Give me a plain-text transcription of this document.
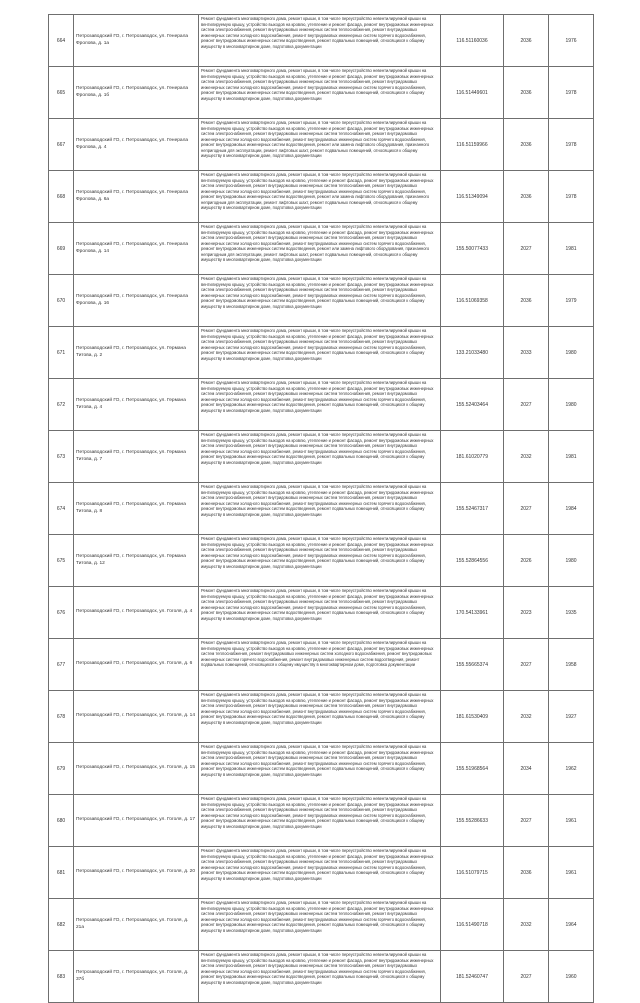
664	Петрозаводский ГО, г. Петрозаводск, ул. Генерала Фролова, д. 1а	Ремонт фундамента многоквартирного дома, ремонт крыши, в том числе переустройство невентилируемой крыши на вентилируемую крышу, устройство выходов на кровлю, утепление и ремонт фасада, ремонт внутридомовых инженерных систем электроснабжения, ремонт внутридомовых инженерных систем теплоснабжения, ремонт внутридомовых инженерных систем холодного водоснабжения, ремонт внутридомовых инженерных систем горячего водоснабжения, ремонт внутридомовых инженерных систем водоотведения, ремонт подвальных помещений, относящихся к общему имуществу в многоквартирном доме, подготовка документации	116.51160036	2036	1976
665	Петрозаводский ГО, г. Петрозаводск, ул. Генерала Фролова, д. 1б	Ремонт фундамента многоквартирного дома, ремонт крыши, в том числе переустройство невентилируемой крыши на вентилируемую крышу, устройство выходов на кровлю, утепление и ремонт фасада, ремонт внутридомовых инженерных систем электроснабжения, ремонт внутридомовых инженерных систем теплоснабжения, ремонт внутридомовых инженерных систем холодного водоснабжения, ремонт внутридомовых инженерных систем горячего водоснабжения, ремонт внутридомовых инженерных систем водоотведения, ремонт подвальных помещений, относящихся к общему имуществу в многоквартирном доме, подготовка документации	116.51449601	2036	1978
667	Петрозаводский ГО, г. Петрозаводск, ул. Генерала Фролова, д. 4	Ремонт фундамента многоквартирного дома, ремонт крыши, в том числе переустройство невентилируемой крыши на вентилируемую крышу, устройство выходов на кровлю, утепление и ремонт фасада, ремонт внутридомовых инженерных систем электроснабжения, ремонт внутридомовых инженерных систем теплоснабжения, ремонт внутридомовых инженерных систем холодного водоснабжения, ремонт внутридомовых инженерных систем горячего водоснабжения, ремонт внутридомовых инженерных систем водоотведения, ремонт или замена лифтового оборудования, признанного непригодным для эксплуатации, ремонт лифтовых шахт, ремонт подвальных помещений, относящихся к общему имуществу в многоквартирном доме, подготовка документации	116.51159966	2036	1978
668	Петрозаводский ГО, г. Петрозаводск, ул. Генерала Фролова, д. 6а	Ремонт фундамента многоквартирного дома, ремонт крыши, в том числе переустройство невентилируемой крыши на вентилируемую крышу, устройство выходов на кровлю, утепление и ремонт фасада, ремонт внутридомовых инженерных систем электроснабжения, ремонт внутридомовых инженерных систем теплоснабжения, ремонт внутридомовых инженерных систем холодного водоснабжения, ремонт внутридомовых инженерных систем горячего водоснабжения, ремонт внутридомовых инженерных систем водоотведения, ремонт или замена лифтового оборудования, признанного непригодным для эксплуатации, ремонт лифтовых шахт, ремонт подвальных помещений, относящихся к общему имуществу в многоквартирном доме, подготовка документации	116.51349094	2036	1978
669	Петрозаводский ГО, г. Петрозаводск, ул. Генерала Фролова, д. 14	Ремонт фундамента многоквартирного дома, ремонт крыши, в том числе переустройство невентилируемой крыши на вентилируемую крышу, устройство выходов на кровлю, утепление и ремонт фасада, ремонт внутридомовых инженерных систем электроснабжения, ремонт внутридомовых инженерных систем теплоснабжения, ремонт внутридомовых инженерных систем холодного водоснабжения, ремонт внутридомовых инженерных систем горячего водоснабжения, ремонт внутридомовых инженерных систем водоотведения, ремонт или замена лифтового оборудования, признанного непригодным для эксплуатации, ремонт лифтовых шахт, ремонт подвальных помещений, относящихся к общему имуществу в многоквартирном доме, подготовка документации	155.50077433	2027	1981
670	Петрозаводский ГО, г. Петрозаводск, ул. Генерала Фролова, д. 16	Ремонт фундамента многоквартирного дома, ремонт крыши, в том числе переустройство невентилируемой крыши на вентилируемую крышу, устройство выходов на кровлю, утепление и ремонт фасада, ремонт внутридомовых инженерных систем электроснабжения, ремонт внутридомовых инженерных систем теплоснабжения, ремонт внутридомовых инженерных систем холодного водоснабжения, ремонт внутридомовых инженерных систем горячего водоснабжения, ремонт внутридомовых инженерных систем водоотведения, ремонт подвальных помещений, относящихся к общему имуществу в многоквартирном доме, подготовка документации	116.51069358	2036	1979
671	Петрозаводский ГО, г. Петрозаводск, ул. Германа Титова, д. 2	Ремонт фундамента многоквартирного дома, ремонт крыши, в том числе переустройство невентилируемой крыши на вентилируемую крышу, устройство выходов на кровлю, утепление и ремонт фасада, ремонт внутридомовых инженерных систем электроснабжения, ремонт внутридомовых инженерных систем теплоснабжения, ремонт внутридомовых инженерных систем холодного водоснабжения, ремонт внутридомовых инженерных систем горячего водоснабжения, ремонт внутридомовых инженерных систем водоотведения, ремонт подвальных помещений, относящихся к общему имуществу в многоквартирном доме, подготовка документации	133.21033480	2033	1980
672	Петрозаводский ГО, г. Петрозаводск, ул. Германа Титова, д. 4	Ремонт фундамента многоквартирного дома, ремонт крыши, в том числе переустройство невентилируемой крыши на вентилируемую крышу, устройство выходов на кровлю, утепление и ремонт фасада, ремонт внутридомовых инженерных систем электроснабжения, ремонт внутридомовых инженерных систем теплоснабжения, ремонт внутридомовых инженерных систем холодного водоснабжения, ремонт внутридомовых инженерных систем горячего водоснабжения, ремонт внутридомовых инженерных систем водоотведения, ремонт подвальных помещений, относящихся к общему имуществу в многоквартирном доме, подготовка документации	155.52403464	2027	1980
673	Петрозаводский ГО, г. Петрозаводск, ул. Германа Титова, д. 7	Ремонт фундамента многоквартирного дома, ремонт крыши, в том числе переустройство невентилируемой крыши на вентилируемую крышу, устройство выходов на кровлю, утепление и ремонт фасада, ремонт внутридомовых инженерных систем электроснабжения, ремонт внутридомовых инженерных систем теплоснабжения, ремонт внутридомовых инженерных систем холодного водоснабжения, ремонт внутридомовых инженерных систем горячего водоснабжения, ремонт внутридомовых инженерных систем водоотведения, ремонт подвальных помещений, относящихся к общему имуществу в многоквартирном доме, подготовка документации	181.61020779	2032	1981
674	Петрозаводский ГО, г. Петрозаводск, ул. Германа Титова, д. 8	Ремонт фундамента многоквартирного дома, ремонт крыши, в том числе переустройство невентилируемой крыши на вентилируемую крышу, устройство выходов на кровлю, утепление и ремонт фасада, ремонт внутридомовых инженерных систем электроснабжения, ремонт внутридомовых инженерных систем теплоснабжения, ремонт внутридомовых инженерных систем холодного водоснабжения, ремонт внутридомовых инженерных систем горячего водоснабжения, ремонт внутридомовых инженерных систем водоотведения, ремонт подвальных помещений, относящихся к общему имуществу в многоквартирном доме, подготовка документации	155.52467317	2027	1984
675	Петрозаводский ГО, г. Петрозаводск, ул. Германа Титова, д. 12	Ремонт фундамента многоквартирного дома, ремонт крыши, в том числе переустройство невентилируемой крыши на вентилируемую крышу, устройство выходов на кровлю, утепление и ремонт фасада, ремонт внутридомовых инженерных систем электроснабжения, ремонт внутридомовых инженерных систем теплоснабжения, ремонт внутридомовых инженерных систем холодного водоснабжения, ремонт внутридомовых инженерных систем горячего водоснабжения, ремонт внутридомовых инженерных систем водоотведения, ремонт подвальных помещений, относящихся к общему имуществу в многоквартирном доме, подготовка документации	155.52864556	2026	1980
676	Петрозаводский ГО, г. Петрозаводск, ул. Гоголя, д. 4	Ремонт фундамента многоквартирного дома, ремонт крыши, в том числе переустройство невентилируемой крыши на вентилируемую крышу, устройство выходов на кровлю, утепление и ремонт фасада, ремонт внутридомовых инженерных систем электроснабжения, ремонт внутридомовых инженерных систем теплоснабжения, ремонт внутридомовых инженерных систем холодного водоснабжения, ремонт внутридомовых инженерных систем горячего водоснабжения, ремонт внутридомовых инженерных систем водоотведения, ремонт подвальных помещений, относящихся к общему имуществу в многоквартирном доме, подготовка документации	170.54133961	2023	1935
677	Петрозаводский ГО, г. Петрозаводск, ул. Гоголя, д. 6	Ремонт фундамента многоквартирного дома, ремонт крыши, в том числе переустройство невентилируемой крыши на вентилируемую крышу, устройство выходов на кровлю, утепление и ремонт фасада, ремонт внутридомовых инженерных систем теплоснабжения, ремонт внутридомовых инженерных систем холодного водоснабжения, ремонт внутридомовых инженерных систем горячего водоснабжения, ремонт внутридомовых инженерных систем водоотведения, ремонт подвальных помещений, относящихся к общему имуществу в многоквартирном доме, подготовка документации	155.55665374	2027	1958
678	Петрозаводский ГО, г. Петрозаводск, ул. Гоголя, д. 14	Ремонт фундамента многоквартирного дома, ремонт крыши, в том числе переустройство невентилируемой крыши на вентилируемую крышу, устройство выходов на кровлю, утепление и ремонт фасада, ремонт внутридомовых инженерных систем электроснабжения, ремонт внутридомовых инженерных систем теплоснабжения, ремонт внутридомовых инженерных систем холодного водоснабжения, ремонт внутридомовых инженерных систем горячего водоснабжения, ремонт внутридомовых инженерных систем водоотведения, ремонт подвальных помещений, относящихся к общему имуществу в многоквартирном доме, подготовка документации	181.61530409	2032	1927
679	Петрозаводский ГО, г. Петрозаводск, ул. Гоголя, д. 15	Ремонт фундамента многоквартирного дома, ремонт крыши, в том числе переустройство невентилируемой крыши на вентилируемую крышу, устройство выходов на кровлю, утепление и ремонт фасада, ремонт внутридомовых инженерных систем электроснабжения, ремонт внутридомовых инженерных систем теплоснабжения, ремонт внутридомовых инженерных систем холодного водоснабжения, ремонт внутридомовых инженерных систем горячего водоснабжения, ремонт внутридомовых инженерных систем водоотведения, ремонт подвальных помещений, относящихся к общему имуществу в многоквартирном доме, подготовка документации	155.51968564	2034	1962
680	Петрозаводский ГО, г. Петрозаводск, ул. Гоголя, д. 17	Ремонт фундамента многоквартирного дома, ремонт крыши, в том числе переустройство невентилируемой крыши на вентилируемую крышу, устройство выходов на кровлю, утепление и ремонт фасада, ремонт внутридомовых инженерных систем электроснабжения, ремонт внутридомовых инженерных систем теплоснабжения, ремонт внутридомовых инженерных систем холодного водоснабжения, ремонт внутридомовых инженерных систем горячего водоснабжения, ремонт внутридомовых инженерных систем водоотведения, ремонт подвальных помещений, относящихся к общему имуществу в многоквартирном доме, подготовка документации	155.55286633	2027	1961
681	Петрозаводский ГО, г. Петрозаводск, ул. Гоголя, д. 20	Ремонт фундамента многоквартирного дома, ремонт крыши, в том числе переустройство невентилируемой крыши на вентилируемую крышу, устройство выходов на кровлю, утепление и ремонт фасада, ремонт внутридомовых инженерных систем электроснабжения, ремонт внутридомовых инженерных систем теплоснабжения, ремонт внутридомовых инженерных систем холодного водоснабжения, ремонт внутридомовых инженерных систем горячего водоснабжения, ремонт внутридомовых инженерных систем водоотведения, ремонт подвальных помещений, относящихся к общему имуществу в многоквартирном доме, подготовка документации	116.51079715	2036	1961
682	Петрозаводский ГО, г. Петрозаводск, ул. Гоголя, д. 21а	Ремонт фундамента многоквартирного дома, ремонт крыши, в том числе переустройство невентилируемой крыши на вентилируемую крышу, устройство выходов на кровлю, утепление и ремонт фасада, ремонт внутридомовых инженерных систем электроснабжения, ремонт внутридомовых инженерных систем теплоснабжения, ремонт внутридомовых инженерных систем холодного водоснабжения, ремонт внутридомовых инженерных систем горячего водоснабжения, ремонт внутридомовых инженерных систем водоотведения, ремонт подвальных помещений, относящихся к общему имуществу в многоквартирном доме, подготовка документации	116.51490718	2032	1964
683	Петрозаводский ГО, г. Петрозаводск, ул. Гоголя, д. 37б	Ремонт фундамента многоквартирного дома, ремонт крыши, в том числе переустройство невентилируемой крыши на вентилируемую крышу, устройство выходов на кровлю, утепление и ремонт фасада, ремонт внутридомовых инженерных систем электроснабжения, ремонт внутридомовых инженерных систем теплоснабжения, ремонт внутридомовых инженерных систем холодного водоснабжения, ремонт внутридомовых инженерных систем горячего водоснабжения, ремонт внутридомовых инженерных систем водоотведения, ремонт подвальных помещений, относящихся к общему имуществу в многоквартирном доме, подготовка документации	181.52460747	2027	1960
